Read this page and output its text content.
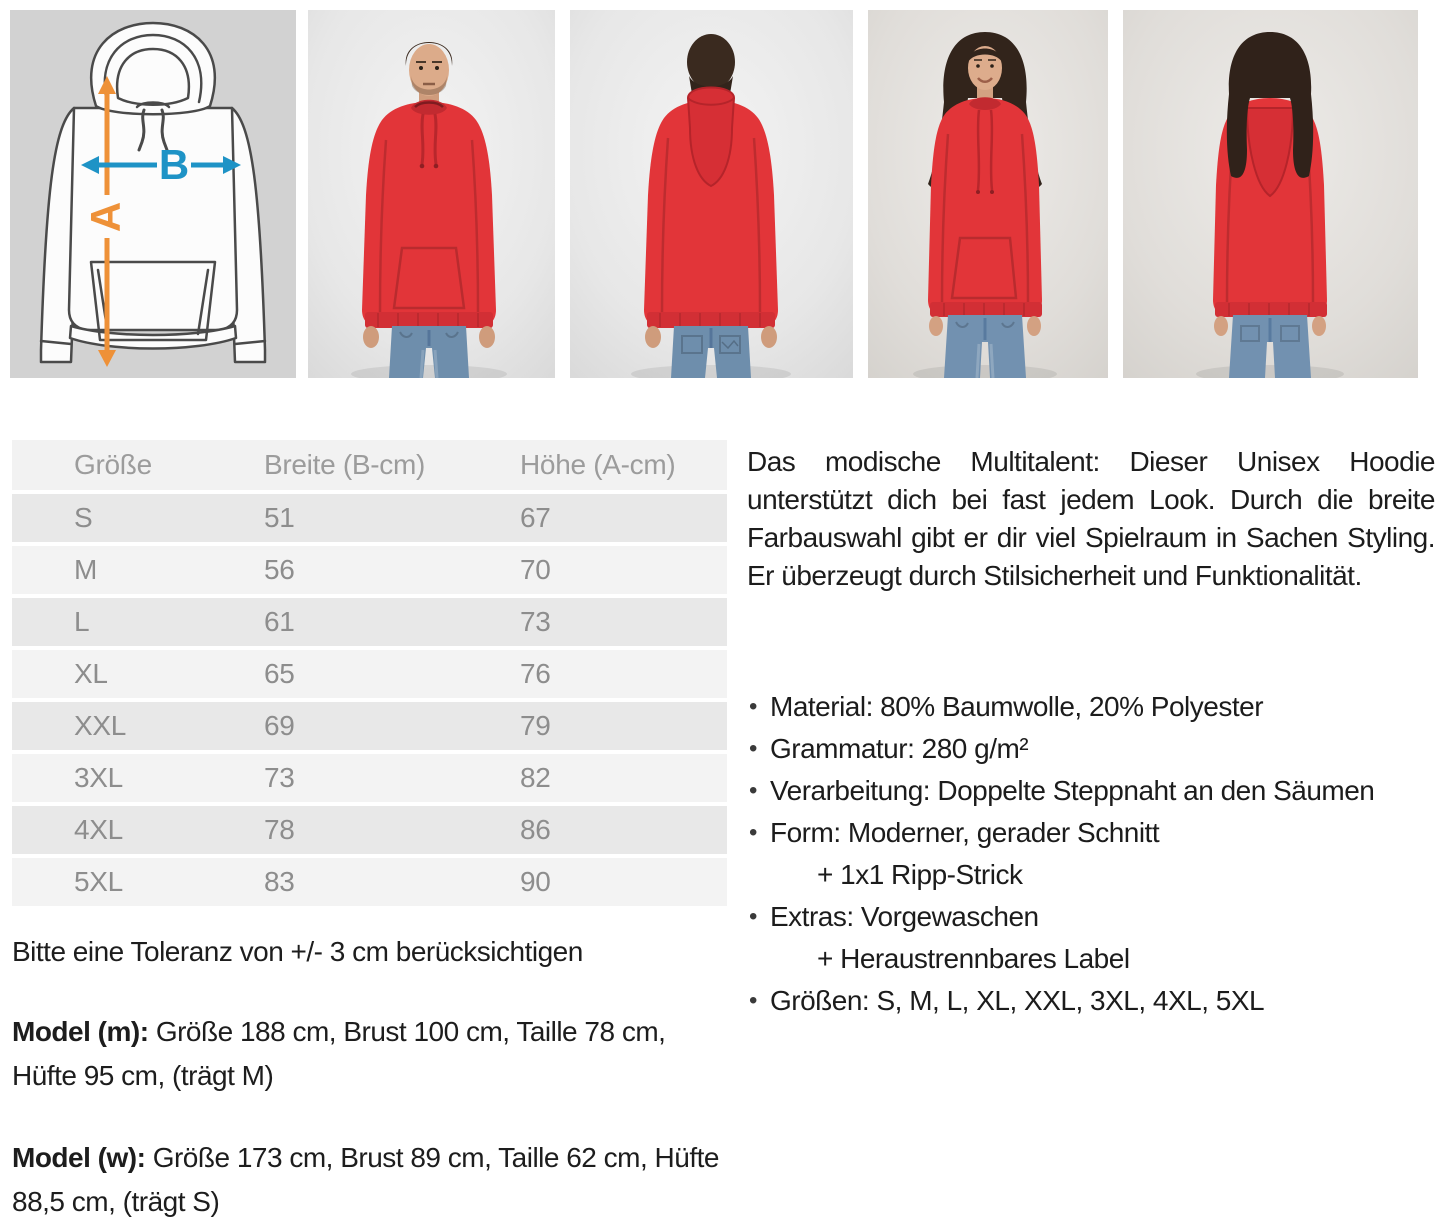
A
B
Größe	Breite (B-cm)	Höhe (A-cm)
S	51	67
M	56	70
L	61	73
XL	65	76
XXL	69	79
3XL	73	82
4XL	78	86
5XL	83	90
Bitte eine Toleranz von +/- 3 cm berücksichtigen
Model (m): Größe 188 cm, Brust 100 cm, Taille 78 cm, Hüfte 95 cm, (trägt M)
Model (w): Größe 173 cm, Brust 89 cm, Taille 62 cm, Hüfte 88,5 cm, (trägt S)

Das modische Multitalent: Dieser Unisex Hoodie unterstützt dich bei fast jedem Look. Durch die breite Farbauswahl gibt er dir viel Spielraum in Sachen Styling. Er überzeugt durch Stilsicherheit und Funktionalität.

• Material: 80% Baumwolle, 20% Polyester
• Grammatur: 280 g/m²
• Verarbeitung: Doppelte Steppnaht an den Säumen
• Form: Moderner, gerader Schnitt
+ 1x1 Ripp-Strick
• Extras: Vorgewaschen
+ Heraustrennbares Label
• Größen: S, M, L, XL, XXL, 3XL, 4XL, 5XL
